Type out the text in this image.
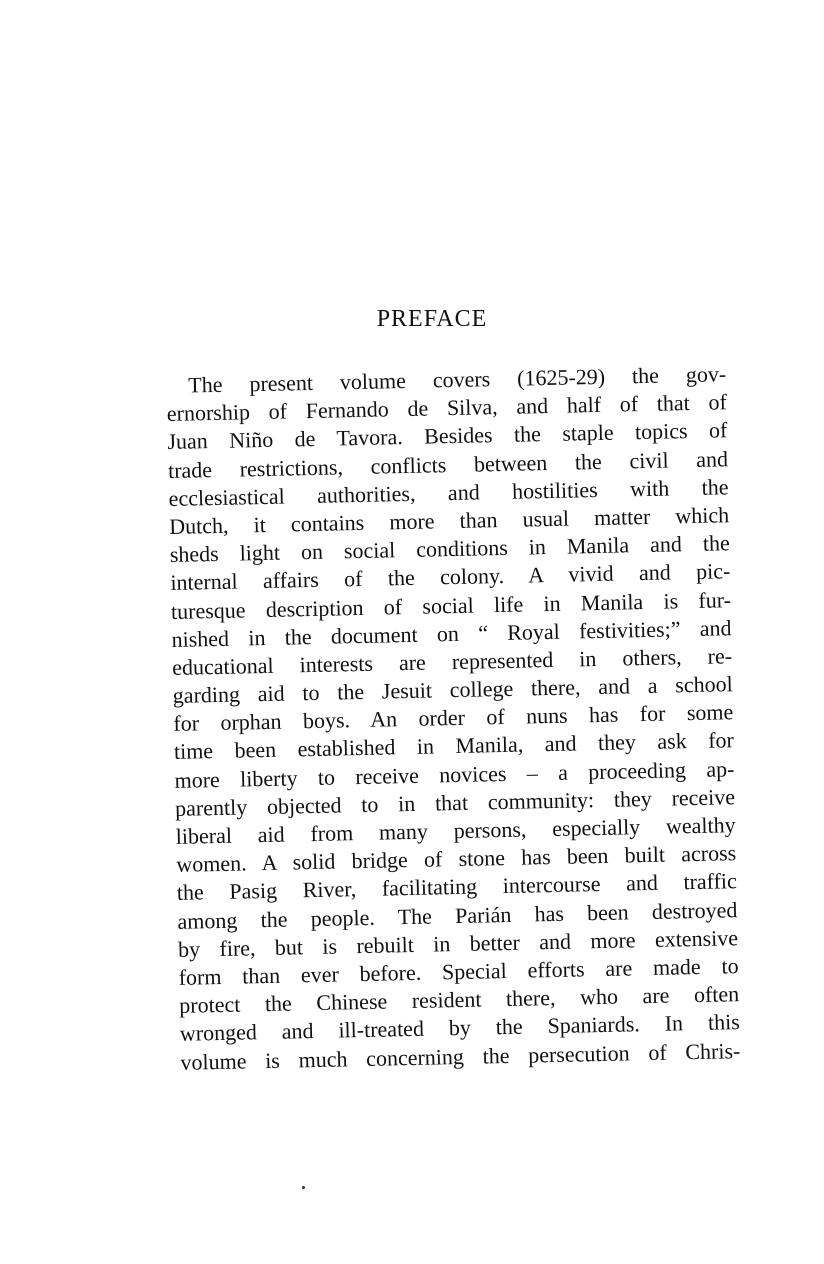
PREFACE
The present volume covers (1625-29) the gov-
ernorship of Fernando de Silva, and half of that of
Juan Niño de Tavora. Besides the staple topics of
trade restrictions, conflicts between the civil and
ecclesiastical authorities, and hostilities with the
Dutch, it contains more than usual matter which
sheds light on social conditions in Manila and the
internal affairs of the colony. A vivid and pic-
turesque description of social life in Manila is fur-
nished in the document on “ Royal festivities;” and
educational interests are represented in others, re-
garding aid to the Jesuit college there, and a school
for orphan boys. An order of nuns has for some
time been established in Manila, and they ask for
more liberty to receive novices – a proceeding ap-
parently objected to in that community: they receive
liberal aid from many persons, especially wealthy
women. A solid bridge of stone has been built across
the Pasig River, facilitating intercourse and traffic
among the people. The Parián has been destroyed
by fire, but is rebuilt in better and more extensive
form than ever before. Special efforts are made to
protect the Chinese resident there, who are often
wronged and ill-treated by the Spaniards. In this
volume is much concerning the persecution of Chris-
